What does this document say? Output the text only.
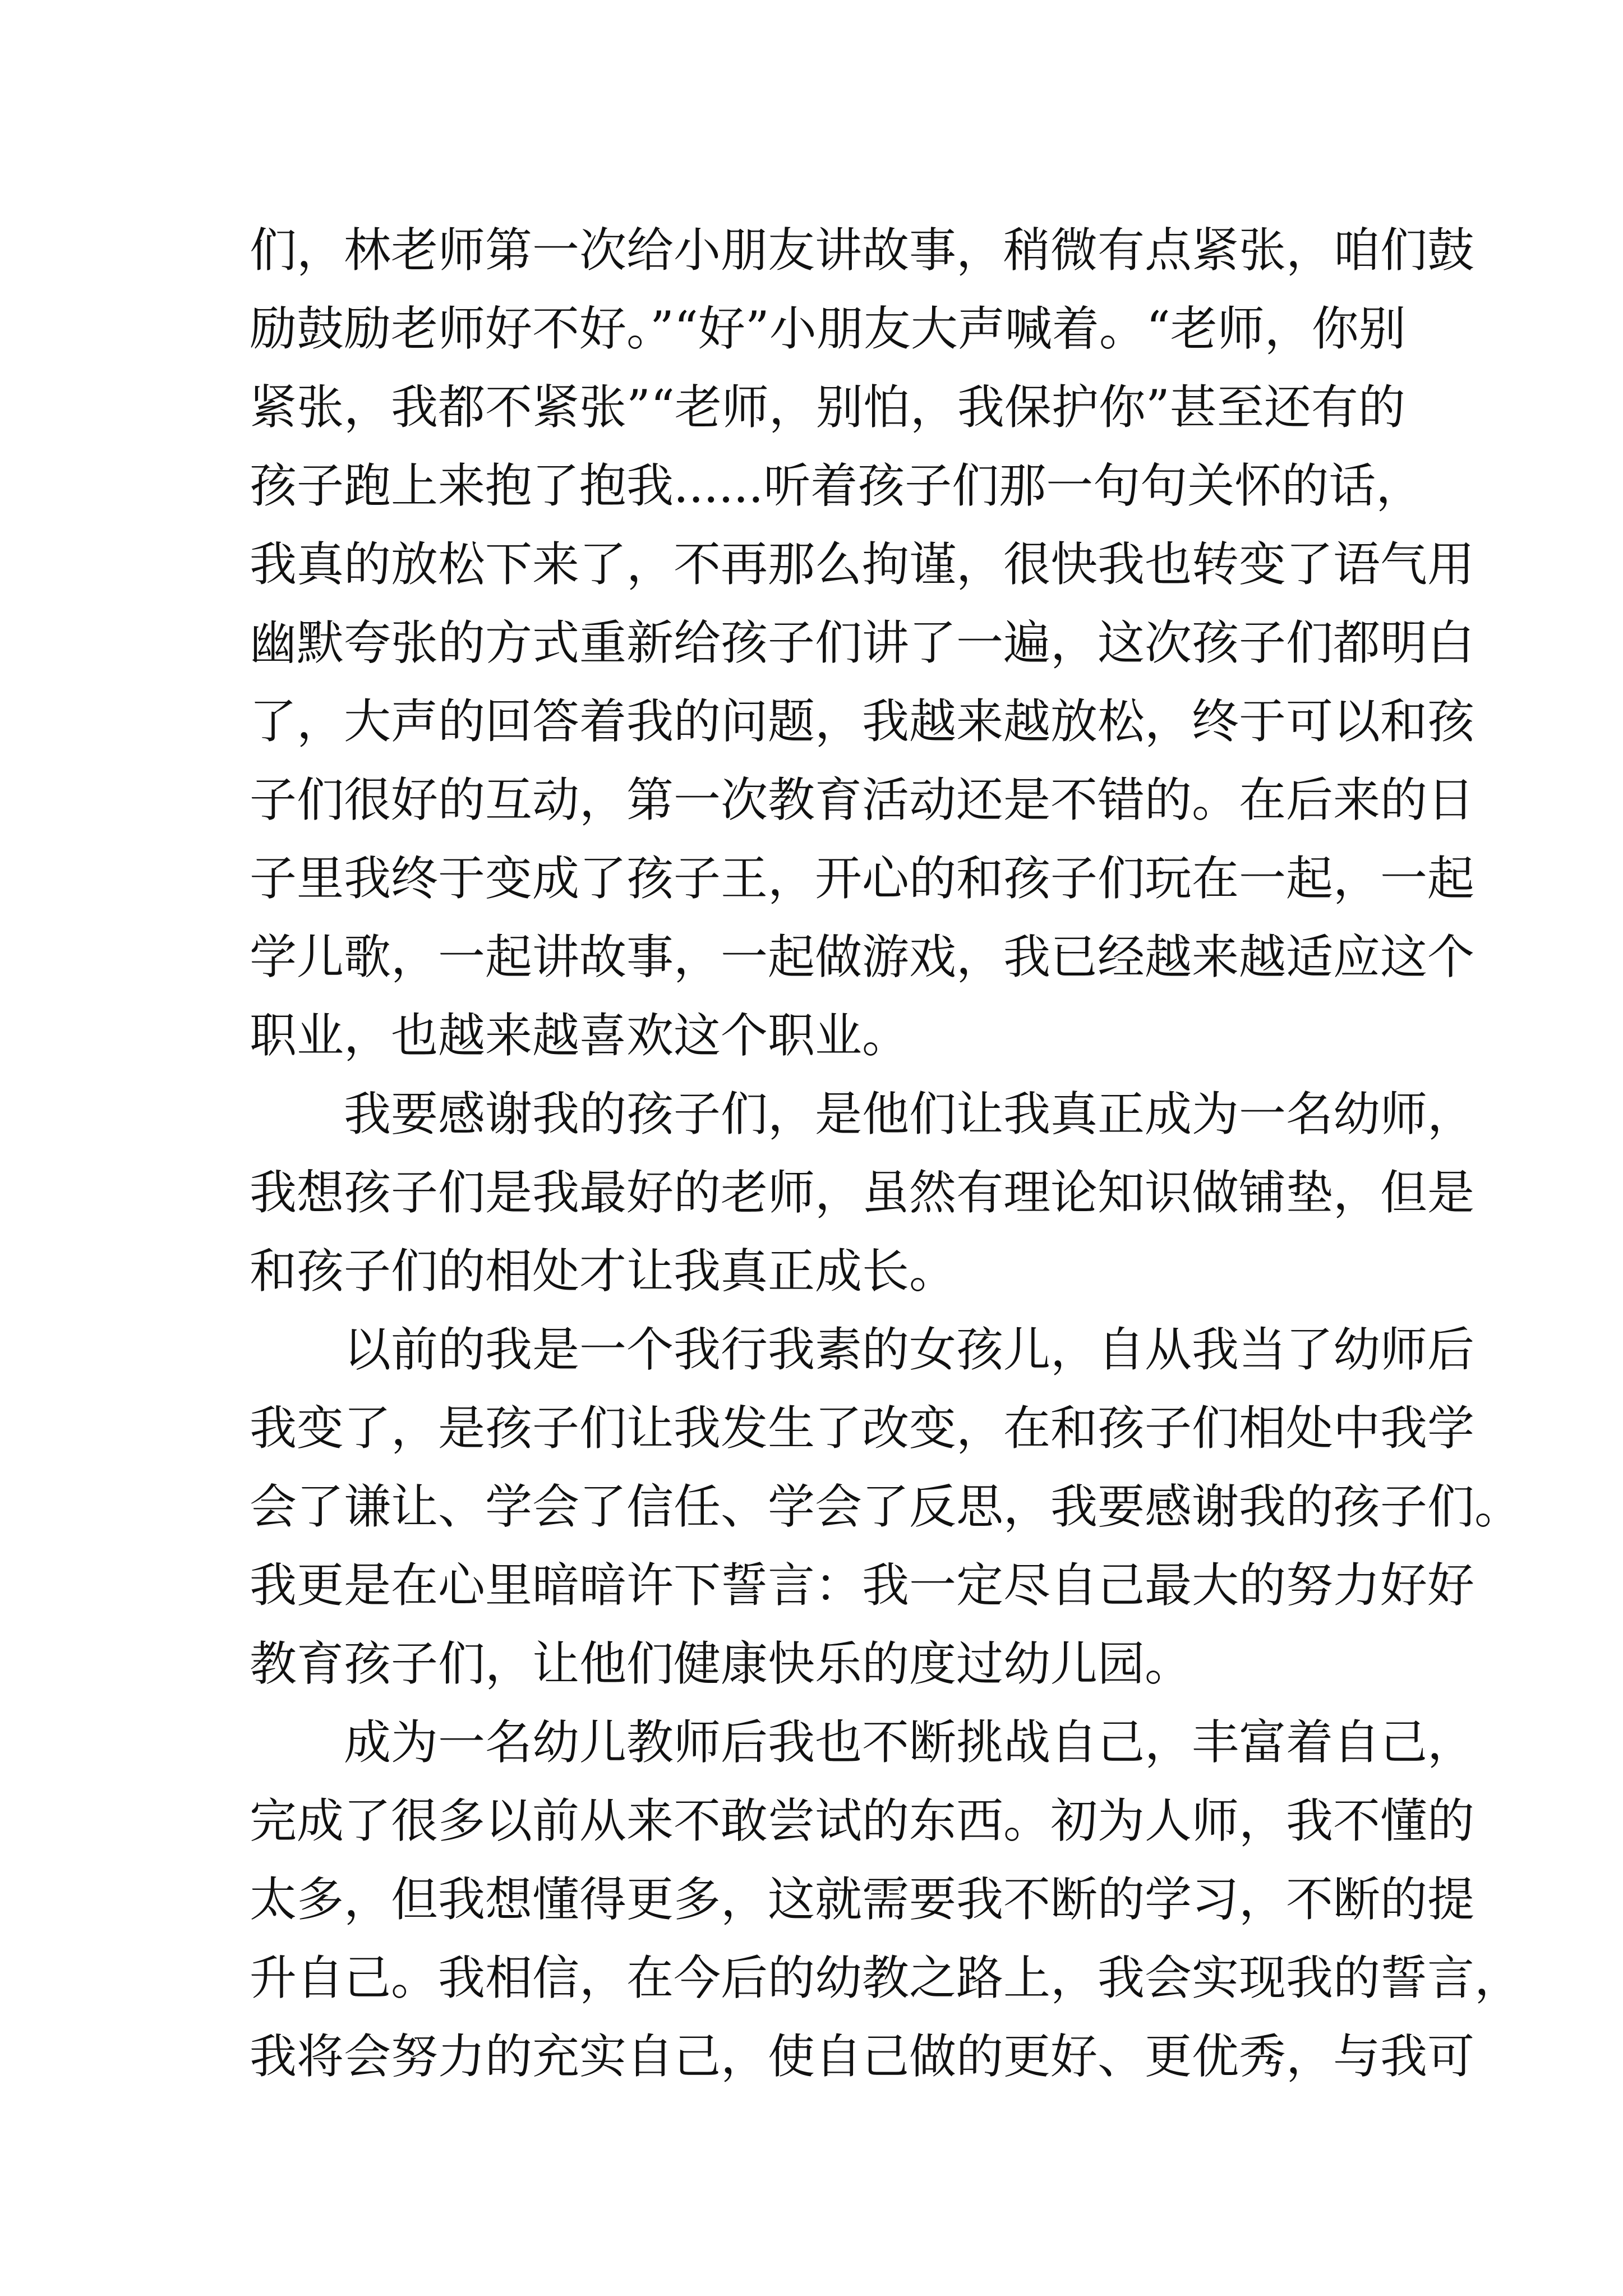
们，林老师第一次给小朋友讲故事，稍微有点紧张，咱们鼓
励鼓励老师好不好。”“好”小朋友大声喊着。“老师，你别
紧张，我都不紧张”“老师，别怕，我保护你”甚至还有的
孩子跑上来抱了抱我......听着孩子们那一句句关怀的话，
我真的放松下来了，不再那么拘谨，很快我也转变了语气用
幽默夸张的方式重新给孩子们讲了一遍，这次孩子们都明白
了，大声的回答着我的问题，我越来越放松，终于可以和孩
子们很好的互动，第一次教育活动还是不错的。在后来的日
子里我终于变成了孩子王，开心的和孩子们玩在一起，一起
学儿歌，一起讲故事，一起做游戏，我已经越来越适应这个
职业，也越来越喜欢这个职业。
我要感谢我的孩子们，是他们让我真正成为一名幼师，
我想孩子们是我最好的老师，虽然有理论知识做铺垫，但是
和孩子们的相处才让我真正成长。
以前的我是一个我行我素的女孩儿，自从我当了幼师后
我变了，是孩子们让我发生了改变，在和孩子们相处中我学
会了谦让、学会了信任、学会了反思，我要感谢我的孩子们。
我更是在心里暗暗许下誓言：我一定尽自己最大的努力好好
教育孩子们，让他们健康快乐的度过幼儿园。
成为一名幼儿教师后我也不断挑战自己，丰富着自己，
完成了很多以前从来不敢尝试的东西。初为人师，我不懂的
太多，但我想懂得更多，这就需要我不断的学习，不断的提
升自己。我相信，在今后的幼教之路上，我会实现我的誓言，
我将会努力的充实自己，使自己做的更好、更优秀，与我可
